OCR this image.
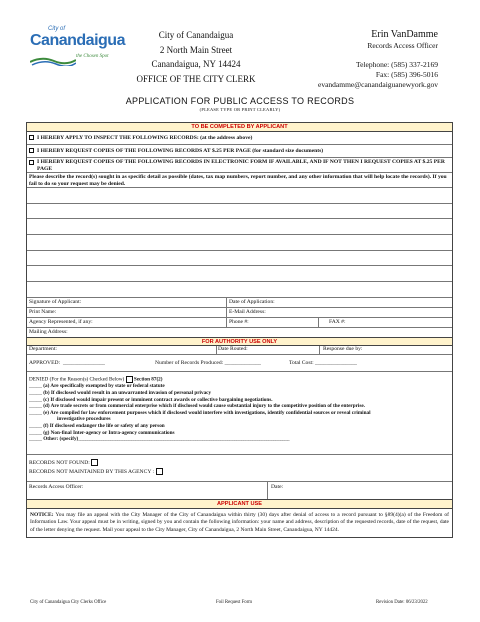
City of
Canandaigua
the Chosen Spot
City of Canandaigua
2 North Main Street
Canandaigua, NY 14424
OFFICE OF THE CITY CLERK
Erin VanDamme
Records Access Officer
Telephone: (585) 337-2169
Fax: (585) 396-5016
evandamme@canandaiguanewyork.gov
APPLICATION FOR PUBLIC ACCESS TO RECORDS
(PLEASE TYPE OR PRINT CLEARLY)
TO BE COMPLETED BY APPLICANT
I HEREBY APPLY TO INSPECT THE FOLLOWING RECORDS: (at the address above)
I HEREBY REQUEST COPIES OF THE FOLLOWING RECORDS AT $.25 PER PAGE (for standard size documents)
I HEREBY REQUEST COPIES OF THE FOLLOWING RECORDS IN ELECTRONIC FORM IF AVAILABLE, AND IF NOT THEN I REQUEST COPIES AT $.25 PER PAGE
Please describe the record(s) sought in as specific detail as possible (dates, tax map numbers, report number, and any other information that will help locate the records). If you fail to do so your request may be denied.
Signature of Applicant:	Date of Application:
Print Name:	E-Mail Address:
Agency Represented, if any:	Phone #:	FAX #:
Mailing Address:
FOR AUTHORITY USE ONLY
Department:	Date Routed:	Response due by:
APPROVED: _______________	Number of Records Produced: _____________	Total Cost: _______________
DENIED (For the Reason(s) Checked Below) Section 87(2)
_____ (a) Are specifically exempted by state or federal statute
_____ (b) If disclosed would result in an unwarranted invasion of personal privacy
_____ (c) If disclosed would impair present or imminent contract awards or collective bargaining negotiations.
_____ (d) Are trade secrets or from commercial enterprise which if disclosed would cause substantial injury to the competitive position of the enterprise.
_____ (e) Are compiled for law enforcement purposes which if disclosed would interfere with investigations, identify confidential sources or reveal criminal
investigative procedures
_____ (f) If disclosed endanger the life or safety of any person
_____ (g) Non-final Inter-agency or Intra-agency communications
_____ Other: (specify)____________________________________________________________________________________________
RECORDS NOT FOUND:
RECORDS NOT MAINTAINED BY THIS AGENCY :
Records Access Officer:	Date:
APPLICANT USE
NOTICE: You may file an appeal with the City Manager of the City of Canandaigua within thirty (30) days after denial of access to a record pursuant to §89(4)(a) of the Freedom of Information Law. Your appeal must be in writing, signed by you and contain the following information: your name and address, description of the requested records, date of the request, date of the letter denying the request. Mail your appeal to the City Manager, City of Canandaigua, 2 North Main Street, Canandaigua, NY 14424.
City of Canandaigua City Clerks Office	Foil Request Form	Revision Date: 06/23/2022
